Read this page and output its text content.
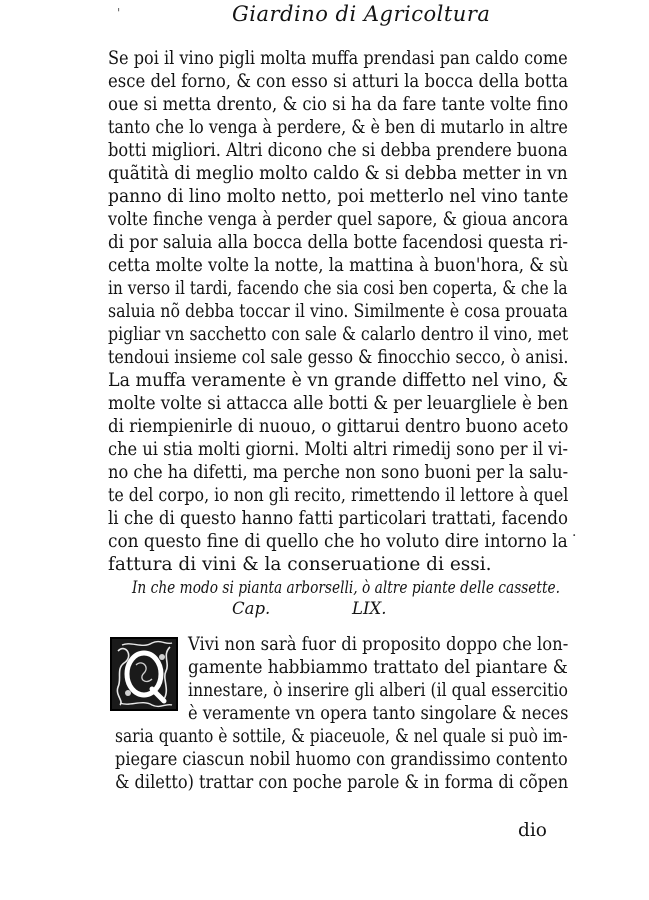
'	Giardino di Agricoltura
Se poi il vino pigli molta muffa prendasi pan caldo come
esce del forno, & con esso si atturi la bocca della botta
oue si metta drento, & cio si ha da fare tante volte fino
tanto che lo venga à perdere, & è ben di mutarlo in altre
botti migliori. Altri dicono che si debba prendere buona
quãtità di meglio molto caldo & si debba metter in vn
panno di lino molto netto, poi metterlo nel vino tante
volte finche venga à perder quel sapore, & gioua ancora
di por saluia alla bocca della botte facendosi questa ri-
cetta molte volte la notte, la mattina à buon'hora, & sù
in verso il tardi, facendo che sia cosi ben coperta, & che la
saluia nõ debba toccar il vino. Similmente è cosa prouata
pigliar vn sacchetto con sale & calarlo dentro il vino, met
tendoui insieme col sale gesso & finocchio secco, ò anisi.
La muffa veramente è vn grande diffetto nel vino, &
molte volte si attacca alle botti & per leuargliele è ben
di riempienirle di nuouo, o gittarui dentro buono aceto
che ui stia molti giorni. Molti altri rimedij sono per il vi-
no che ha difetti, ma perche non sono buoni per la salu-
te del corpo, io non gli recito, rimettendo il lettore à quel
li che di questo hanno fatti particolari trattati, facendo
con questo fine di quello che ho voluto dire intorno la
fattura di vini & la conseruatione di essi.
·
In che modo si pianta arborselli, ò altre piante delle cassette.
Cap.	LIX.
Vivi non sarà fuor di proposito doppo che lon-
gamente habbiammo trattato del piantare &
innestare, ò inserire gli alberi (il qual essercitio
è veramente vn opera tanto singolare & neces
saria quanto è sottile, & piaceuole, & nel quale si può im-
piegare ciascun nobil huomo con grandissimo contento
& diletto) trattar con poche parole & in forma di cõpen
dio
